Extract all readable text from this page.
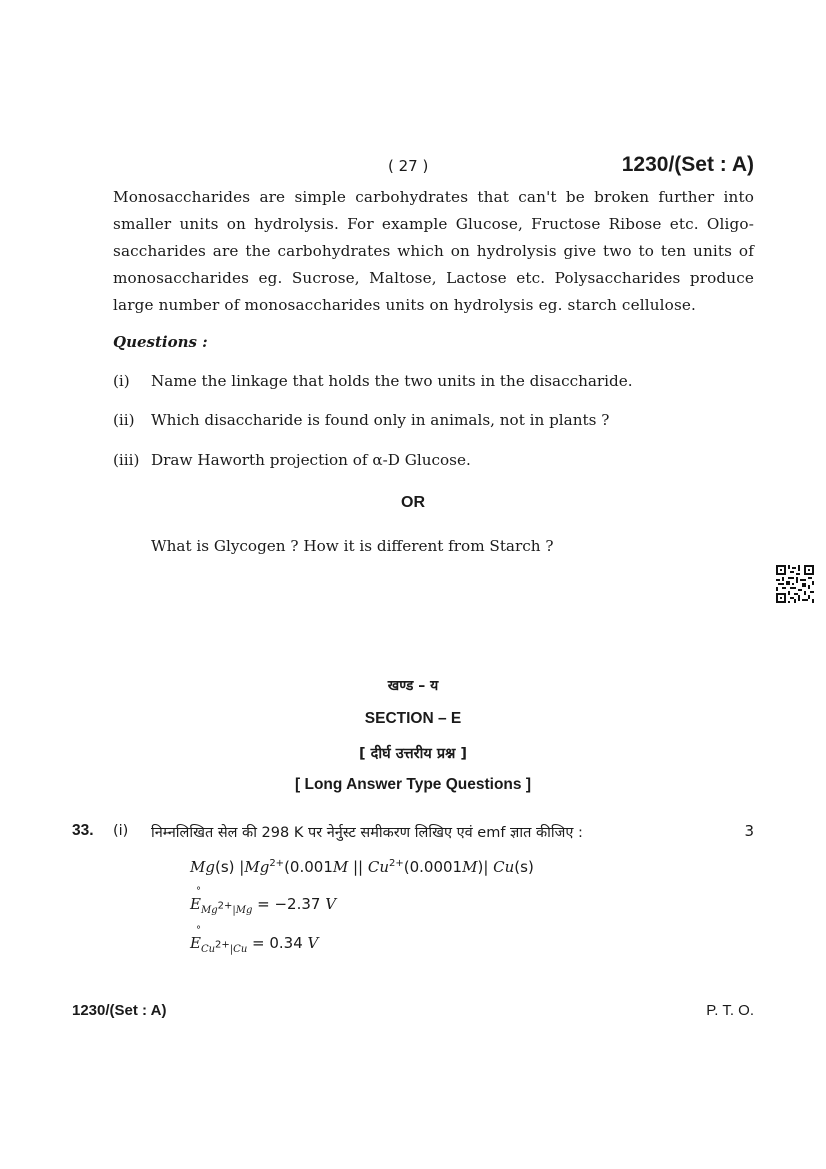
( 27 )	1230/(Set : A)
Monosaccharides are simple carbohydrates that can't be broken further into smaller units on hydrolysis. For example Glucose, Fructose Ribose etc. Oligo-saccharides are the carbohydrates which on hydrolysis give two to ten units of monosaccharides eg. Sucrose, Maltose, Lactose etc. Polysaccharides produce large number of monosaccharides units on hydrolysis eg. starch cellulose.
Questions :
(i) Name the linkage that holds the two units in the disaccharide.
(ii) Which disaccharide is found only in animals, not in plants ?
(iii) Draw Haworth projection of α-D Glucose.
OR
What is Glycogen ? How it is different from Starch ?
खण्ड – य
SECTION – E
[ दीर्घ उत्तरीय प्रश्न ]
[ Long Answer Type Questions ]
33. (i) निम्नलिखित सेल की 298 K पर नेर्नुस्ट समीकरण लिखिए एवं emf ज्ञात कीजिए :	3
Mg(s) $|Mg^{2+}(0.001M$ || $Cu^{2+}(0.0001M)|$ Cu(s)
E
°
$_{Mg^{2+}|Mg}$ = −2.37 V
E
°
$_{Cu^{2+}|Cu}$ = 0.34 V
1230/(Set : A)	P. T. O.
